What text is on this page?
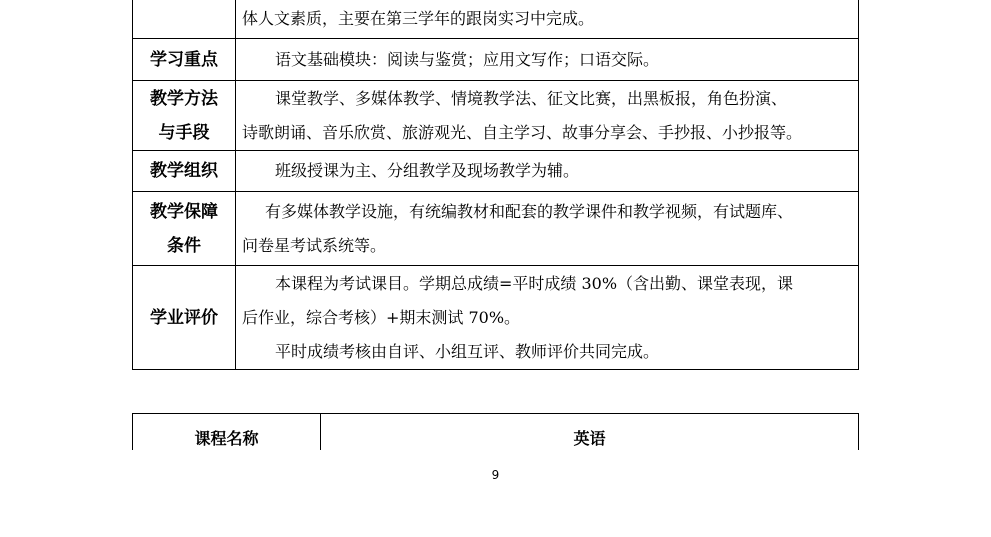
	体人文素质，主要在第三学年的跟岗实习中完成。

学习重点	语文基础模块：阅读与鉴赏；应用文写作；口语交际。

教学方法
与手段	课堂教学、多媒体教学、情境教学法、征文比赛，出黑板报，角色扮演、
诗歌朗诵、音乐欣赏、旅游观光、自主学习、故事分享会、手抄报、小抄报等。

教学组织	班级授课为主、分组教学及现场教学为辅。

教学保障
条件	有多媒体教学设施，有统编教材和配套的教学课件和教学视频，有试题库、
问卷星考试系统等。

学业评价	本课程为考试课目。学期总成绩=平时成绩 30%（含出勤、课堂表现，课
后作业，综合考核）+期末测试 70%。
平时成绩考核由自评、小组互评、教师评价共同完成。
课程名称	英语
9
